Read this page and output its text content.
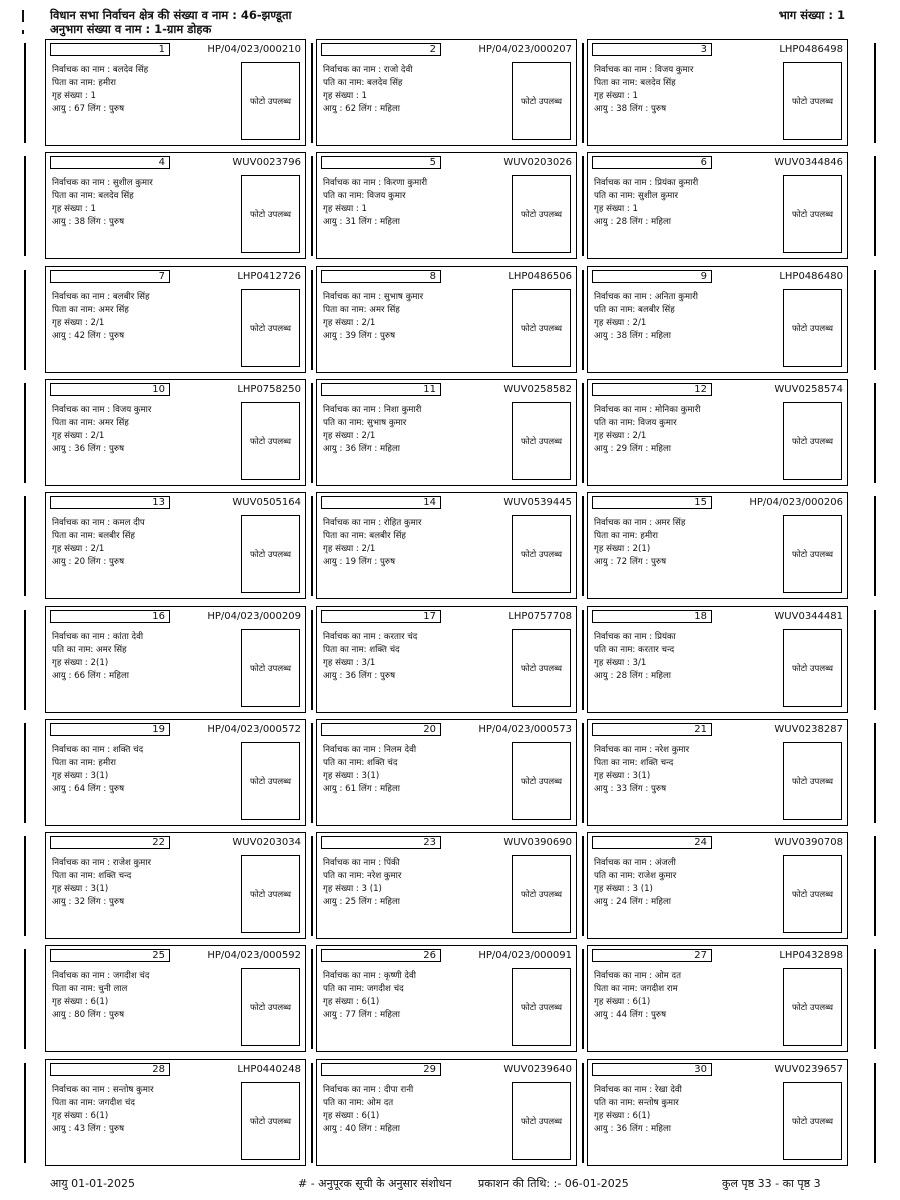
विधान सभा निर्वाचन क्षेत्र की संख्या व नाम : 46-झण्डूता
अनुभाग संख्या व नाम : 1-ग्राम डोहक
भाग संख्या : 1
1	HP/04/023/000210
निर्वाचक का नाम : बलदेव सिंह
पिता का नाम: हमीरा
गृह संख्या : 1
आयु : 67 लिंग : पुरुष
फोटो उपलब्ध
2	HP/04/023/000207
निर्वाचक का नाम : राजो देवी
पति का नाम: बलदेव सिंह
गृह संख्या : 1
आयु : 62 लिंग : महिला
फोटो उपलब्ध
3	LHP0486498
निर्वाचक का नाम : विजय कुमार
पिता का नाम: बलदेव सिंह
गृह संख्या : 1
आयु : 38 लिंग : पुरुष
फोटो उपलब्ध
4	WUV0023796
निर्वाचक का नाम : सुशील कुमार
पिता का नाम: बलदेव सिंह
गृह संख्या : 1
आयु : 38 लिंग : पुरुष
फोटो उपलब्ध
5	WUV0203026
निर्वाचक का नाम : किरणा कुमारी
पति का नाम: विजय कुमार
गृह संख्या : 1
आयु : 31 लिंग : महिला
फोटो उपलब्ध
6	WUV0344846
निर्वाचक का नाम : प्रियंका कुमारी
पति का नाम: सुशील कुमार
गृह संख्या : 1
आयु : 28 लिंग : महिला
फोटो उपलब्ध
7	LHP0412726
निर्वाचक का नाम : बलबीर सिंह
पिता का नाम: अमर सिंह
गृह संख्या : 2/1
आयु : 42 लिंग : पुरुष
फोटो उपलब्ध
8	LHP0486506
निर्वाचक का नाम : सुभाष कुमार
पिता का नाम: अमर सिंह
गृह संख्या : 2/1
आयु : 39 लिंग : पुरुष
फोटो उपलब्ध
9	LHP0486480
निर्वाचक का नाम : अनिता कुमारी
पति का नाम: बलबीर सिंह
गृह संख्या : 2/1
आयु : 38 लिंग : महिला
फोटो उपलब्ध
10	LHP0758250
निर्वाचक का नाम : विजय कुमार
पिता का नाम: अमर सिंह
गृह संख्या : 2/1
आयु : 36 लिंग : पुरुष
फोटो उपलब्ध
11	WUV0258582
निर्वाचक का नाम : निशा कुमारी
पति का नाम: सुभाष कुमार
गृह संख्या : 2/1
आयु : 36 लिंग : महिला
फोटो उपलब्ध
12	WUV0258574
निर्वाचक का नाम : मोनिका कुमारी
पति का नाम: विजय कुमार
गृह संख्या : 2/1
आयु : 29 लिंग : महिला
फोटो उपलब्ध
13	WUV0505164
निर्वाचक का नाम : कमल दीप
पिता का नाम: बलबीर सिंह
गृह संख्या : 2/1
आयु : 20 लिंग : पुरुष
फोटो उपलब्ध
14	WUV0539445
निर्वाचक का नाम : रोहित कुमार
पिता का नाम: बलबीर सिंह
गृह संख्या : 2/1
आयु : 19 लिंग : पुरुष
फोटो उपलब्ध
15	HP/04/023/000206
निर्वाचक का नाम : अमर सिंह
पिता का नाम: हमीरा
गृह संख्या : 2(1)
आयु : 72 लिंग : पुरुष
फोटो उपलब्ध
16	HP/04/023/000209
निर्वाचक का नाम : कांता देवी
पति का नाम: अमर सिंह
गृह संख्या : 2(1)
आयु : 66 लिंग : महिला
फोटो उपलब्ध
17	LHP0757708
निर्वाचक का नाम : करतार चंद
पिता का नाम: शक्ति चंद
गृह संख्या : 3/1
आयु : 36 लिंग : पुरुष
फोटो उपलब्ध
18	WUV0344481
निर्वाचक का नाम : प्रियंका
पति का नाम: करतार चन्द
गृह संख्या : 3/1
आयु : 28 लिंग : महिला
फोटो उपलब्ध
19	HP/04/023/000572
निर्वाचक का नाम : शक्ति चंद
पिता का नाम: हमीरा
गृह संख्या : 3(1)
आयु : 64 लिंग : पुरुष
फोटो उपलब्ध
20	HP/04/023/000573
निर्वाचक का नाम : निलम देवी
पति का नाम: शक्ति चंद
गृह संख्या : 3(1)
आयु : 61 लिंग : महिला
फोटो उपलब्ध
21	WUV0238287
निर्वाचक का नाम : नरेश कुमार
पिता का नाम: शक्ति चन्द
गृह संख्या : 3(1)
आयु : 33 लिंग : पुरुष
फोटो उपलब्ध
22	WUV0203034
निर्वाचक का नाम : राजेश कुमार
पिता का नाम: शक्ति चन्द
गृह संख्या : 3(1)
आयु : 32 लिंग : पुरुष
फोटो उपलब्ध
23	WUV0390690
निर्वाचक का नाम : पिंकी
पति का नाम: नरेश कुमार
गृह संख्या : 3 (1)
आयु : 25 लिंग : महिला
फोटो उपलब्ध
24	WUV0390708
निर्वाचक का नाम : अंजली
पति का नाम: राजेश कुमार
गृह संख्या : 3 (1)
आयु : 24 लिंग : महिला
फोटो उपलब्ध
25	HP/04/023/000592
निर्वाचक का नाम : जगदीश चंद
पिता का नाम: चुनी लाल
गृह संख्या : 6(1)
आयु : 80 लिंग : पुरुष
फोटो उपलब्ध
26	HP/04/023/000091
निर्वाचक का नाम : कृष्णी देवी
पति का नाम: जगदीश चंद
गृह संख्या : 6(1)
आयु : 77 लिंग : महिला
फोटो उपलब्ध
27	LHP0432898
निर्वाचक का नाम : ओम दत
पिता का नाम: जगदीश राम
गृह संख्या : 6(1)
आयु : 44 लिंग : पुरुष
फोटो उपलब्ध
28	LHP0440248
निर्वाचक का नाम : सन्तोष कुमार
पिता का नाम: जगदीश चंद
गृह संख्या : 6(1)
आयु : 43 लिंग : पुरुष
फोटो उपलब्ध
29	WUV0239640
निर्वाचक का नाम : दीपा रानी
पति का नाम: ओम दत
गृह संख्या : 6(1)
आयु : 40 लिंग : महिला
फोटो उपलब्ध
30	WUV0239657
निर्वाचक का नाम : रेखा देवी
पति का नाम: सन्तोष कुमार
गृह संख्या : 6(1)
आयु : 36 लिंग : महिला
फोटो उपलब्ध
आयु 01-01-2025	# - अनुपूरक सूची के अनुसार संशोधन प्रकाशन की तिथि: :- 06-01-2025	कुल पृष्ठ 33 - का पृष्ठ 3
